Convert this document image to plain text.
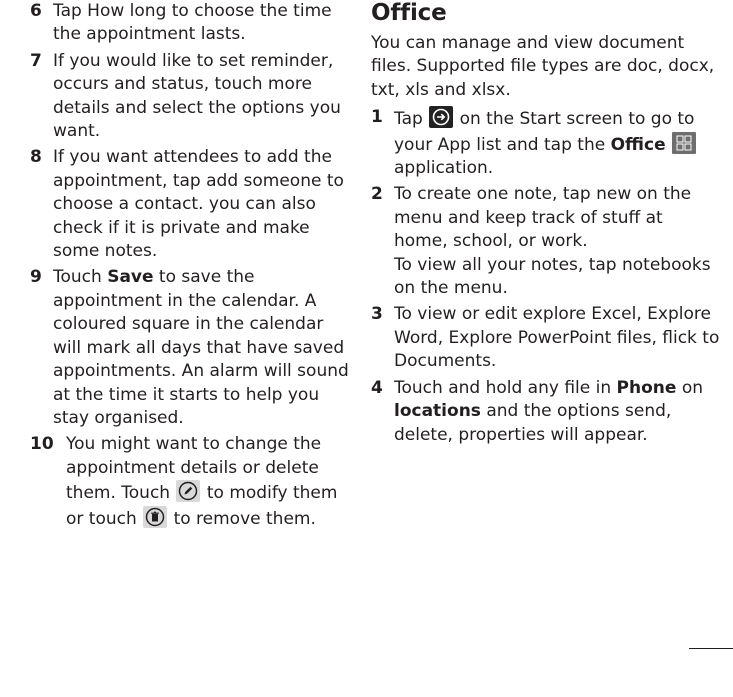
6 Tap How long to choose the time the appointment lasts.
7 If you would like to set reminder, occurs and status, touch more details and select the options you want.
8 If you want attendees to add the appointment, tap add someone to choose a contact. you can also check if it is private and make some notes.
9 Touch Save to save the appointment in the calendar. A coloured square in the calendar will mark all days that have saved appointments. An alarm will sound at the time it starts to help you stay organised.
10 You might want to change the appointment details or delete them. Touch to modify them or touch to remove them.
Office
You can manage and view document files. Supported file types are doc, docx, txt, xls and xlsx.
1 Tap on the Start screen to go to your App list and tap the Office  application.
2 To create one note, tap new on the menu and keep track of stuff at home, school, or work.
To view all your notes, tap notebooks on the menu.
3 To view or edit explore Excel, Explore Word, Explore PowerPoint files, flick to Documents.
4 Touch and hold any file in Phone on locations and the options send, delete, properties will appear.
